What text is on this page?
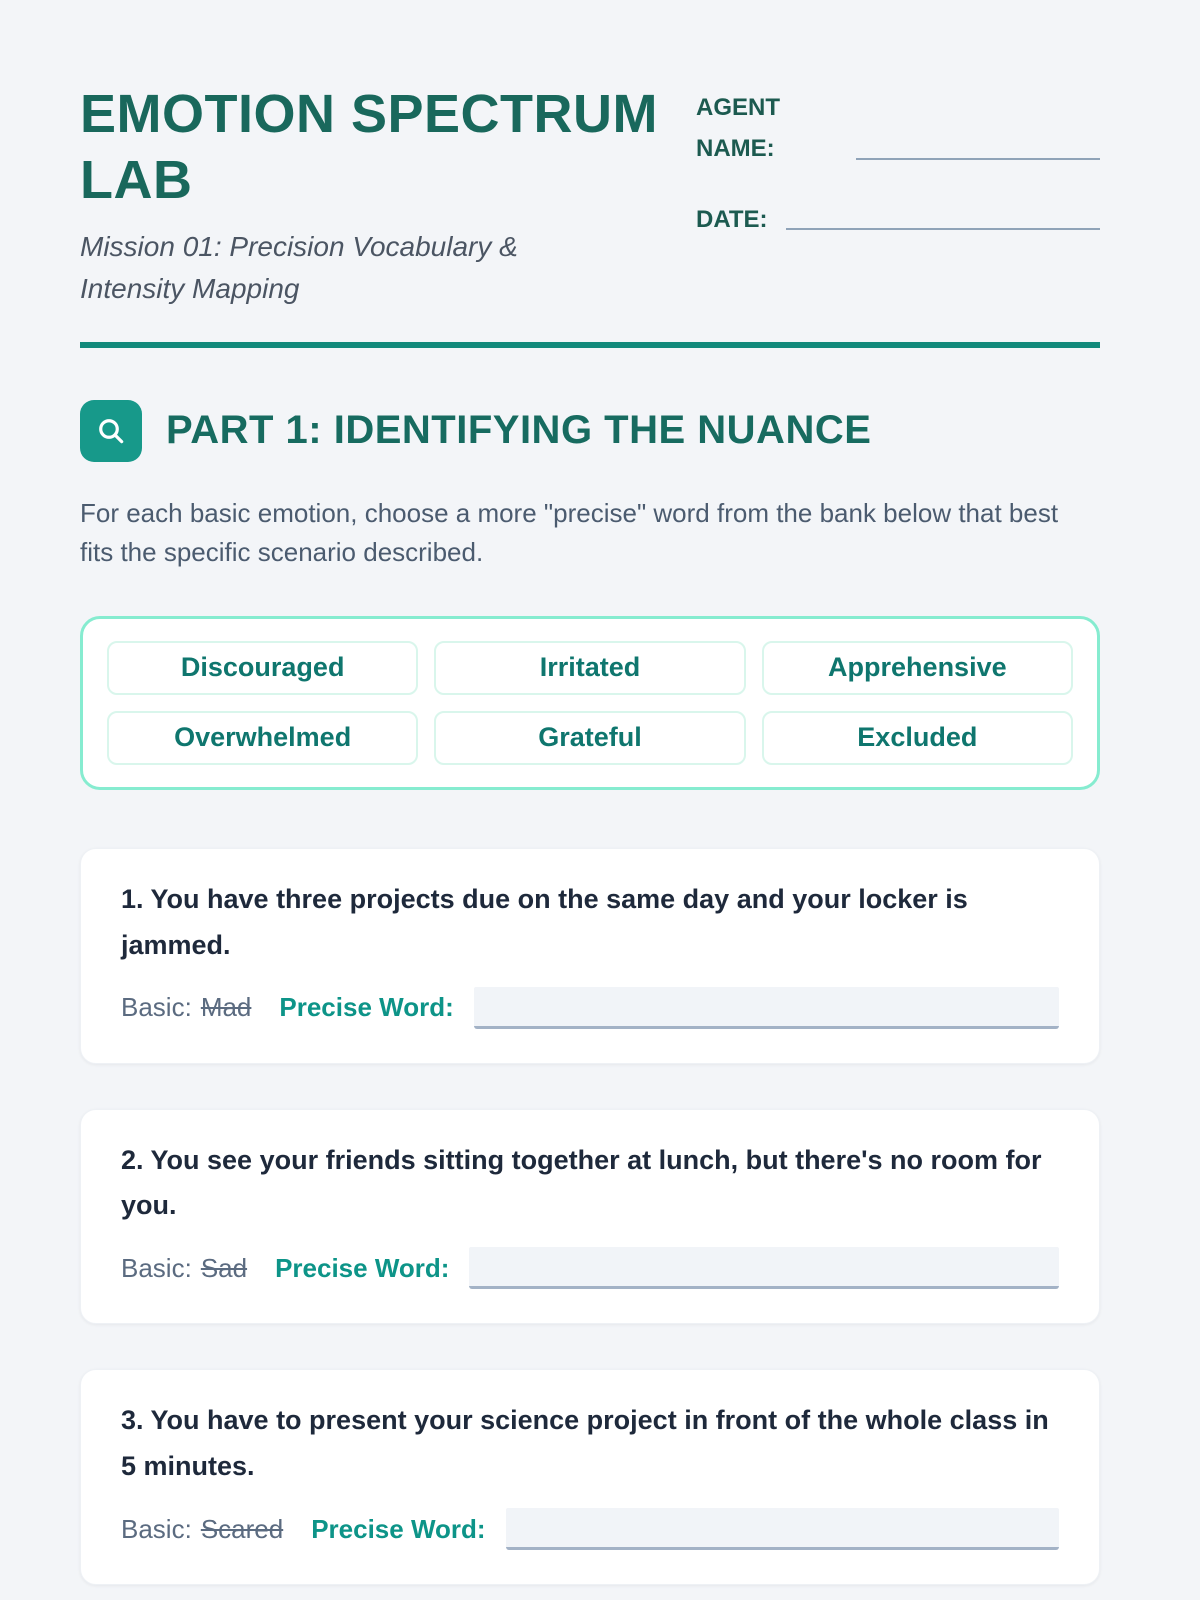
EMOTION SPECTRUM LAB

Mission 01: Precision Vocabulary & Intensity Mapping

AGENT NAME:
DATE:
PART 1: IDENTIFYING THE NUANCE

For each basic emotion, choose a more "precise" word from the bank below that best fits the specific scenario described.

Discouraged	Irritated	Apprehensive
Overwhelmed	Grateful	Excluded

1. You have three projects due on the same day and your locker is jammed.

Basic: Mad Precise Word:

2. You see your friends sitting together at lunch, but there's no room for you.

Basic: Sad Precise Word:

3. You have to present your science project in front of the whole class in 5 minutes.

Basic: Scared Precise Word:
